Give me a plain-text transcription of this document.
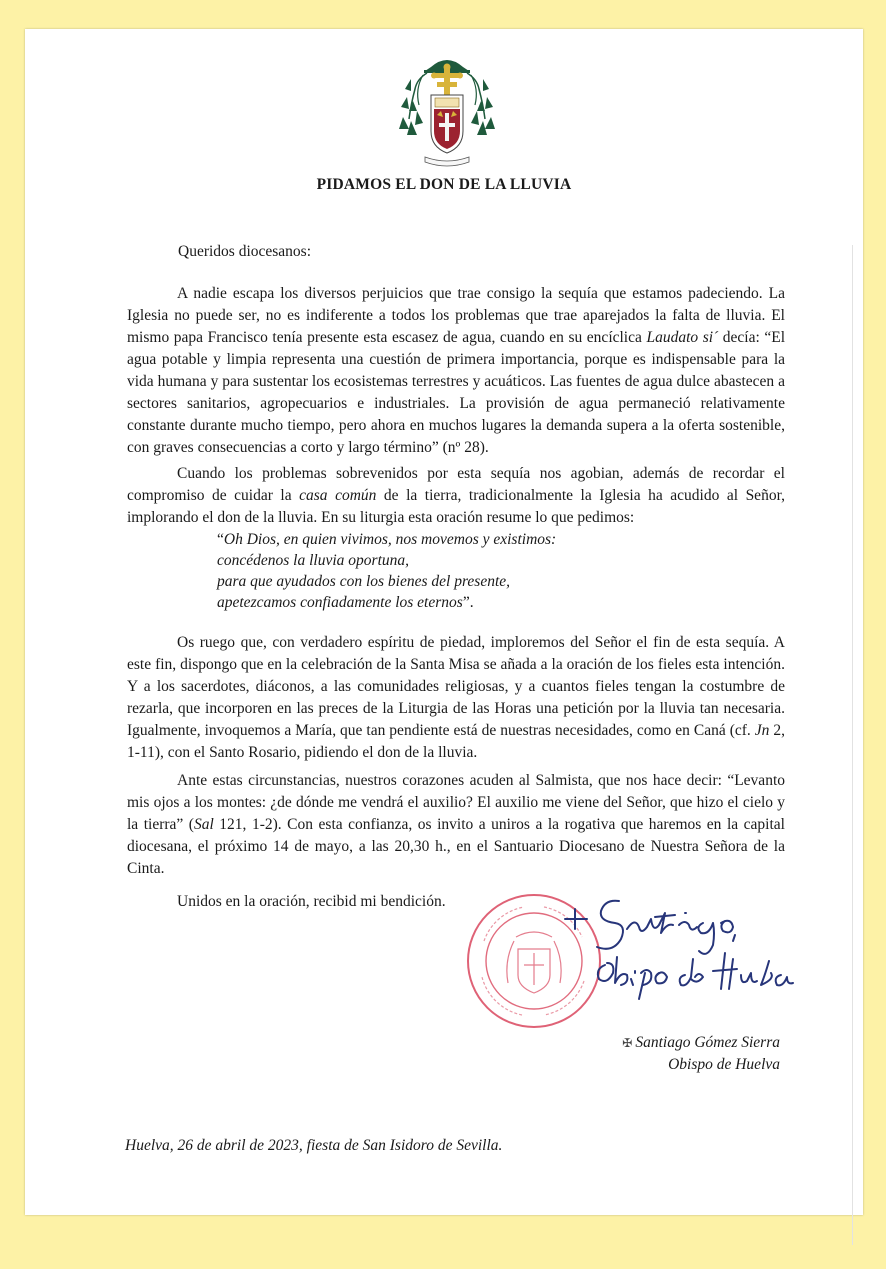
PIDAMOS EL DON DE LA LLUVIA
Queridos diocesanos:

A nadie escapa los diversos perjuicios que trae consigo la sequía que estamos padeciendo. La Iglesia no puede ser, no es indiferente a todos los problemas que trae aparejados la falta de lluvia. El mismo papa Francisco tenía presente esta escasez de agua, cuando en su encíclica Laudato si´ decía: “El agua potable y limpia representa una cuestión de primera importancia, porque es indispensable para la vida humana y para sustentar los ecosistemas terrestres y acuáticos. Las fuentes de agua dulce abastecen a sectores sanitarios, agropecuarios e industriales. La provisión de agua permaneció relativamente constante durante mucho tiempo, pero ahora en muchos lugares la demanda supera a la oferta sostenible, con graves consecuencias a corto y largo término” (nº 28).

Cuando los problemas sobrevenidos por esta sequía nos agobian, además de recordar el compromiso de cuidar la casa común de la tierra, tradicionalmente la Iglesia ha acudido al Señor, implorando el don de la lluvia. En su liturgia esta oración resume lo que pedimos:

“Oh Dios, en quien vivimos, nos movemos y existimos:
concédenos la lluvia oportuna,
para que ayudados con los bienes del presente,
apetezcamos confiadamente los eternos”.

Os ruego que, con verdadero espíritu de piedad, imploremos del Señor el fin de esta sequía. A este fin, dispongo que en la celebración de la Santa Misa se añada a la oración de los fieles esta intención. Y a los sacerdotes, diáconos, a las comunidades religiosas, y a cuantos fieles tengan la costumbre de rezarla, que incorporen en las preces de la Liturgia de las Horas una petición por la lluvia tan necesaria. Igualmente, invoquemos a María, que tan pendiente está de nuestras necesidades, como en Caná (cf. Jn 2, 1-11), con el Santo Rosario, pidiendo el don de la lluvia.

Ante estas circunstancias, nuestros corazones acuden al Salmista, que nos hace decir: “Levanto mis ojos a los montes: ¿de dónde me vendrá el auxilio? El auxilio me viene del Señor, que hizo el cielo y la tierra” (Sal 121, 1-2). Con esta confianza, os invito a uniros a la rogativa que haremos en la capital diocesana, el próximo 14 de mayo, a las 20,30 h., en el Santuario Diocesano de Nuestra Señora de la Cinta.

Unidos en la oración, recibid mi bendición.
✠ Santiago Gómez Sierra
Obispo de Huelva
Huelva, 26 de abril de 2023, fiesta de San Isidoro de Sevilla.
